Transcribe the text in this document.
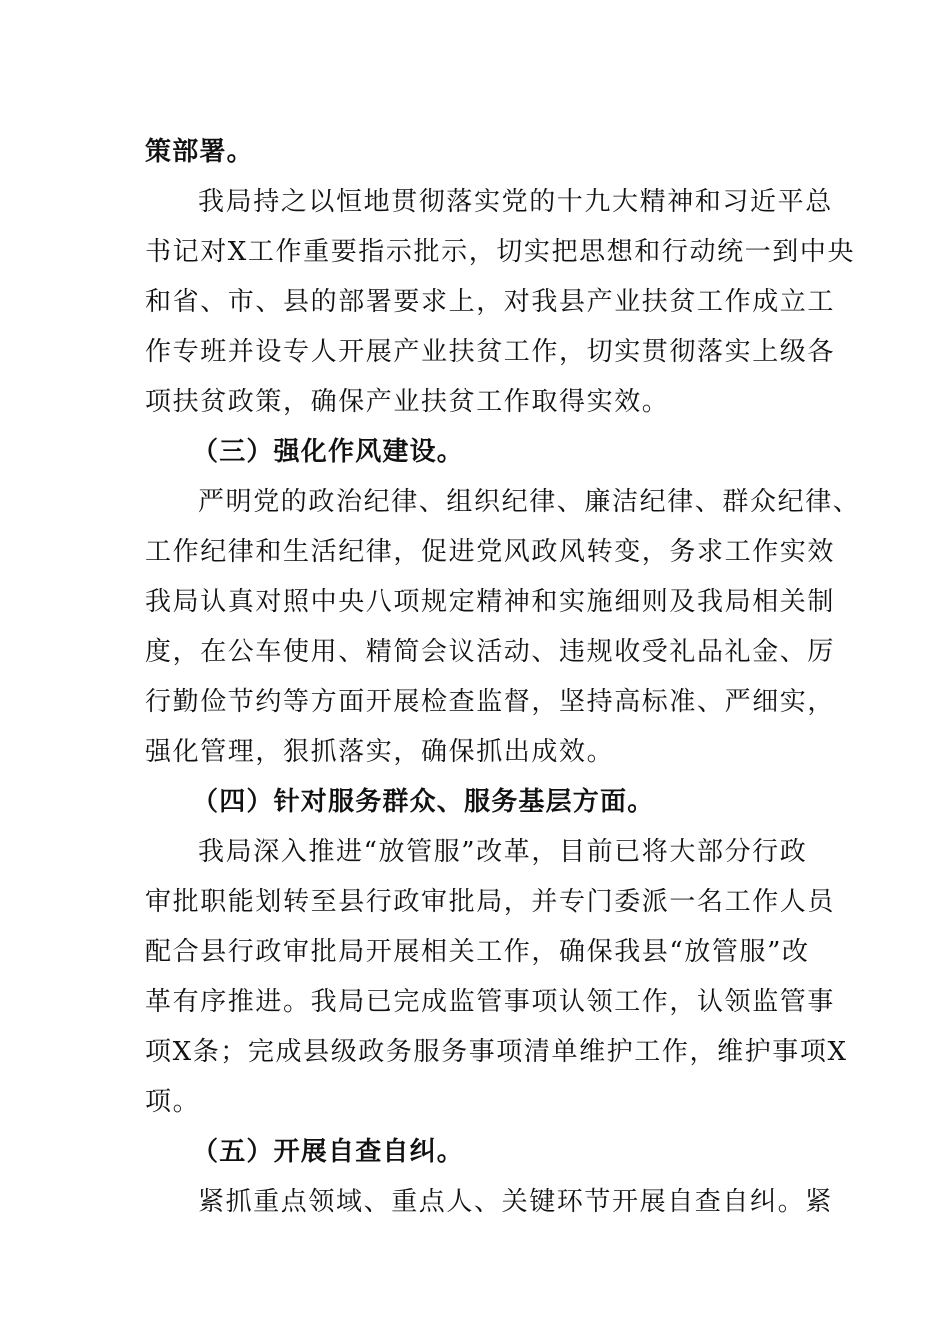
策部署。
我局持之以恒地贯彻落实党的十九大精神和习近平总
书记对X工作重要指示批示，切实把思想和行动统一到中央
和省、市、县的部署要求上，对我县产业扶贫工作成立工
作专班并设专人开展产业扶贫工作，切实贯彻落实上级各
项扶贫政策，确保产业扶贫工作取得实效。
（三）强化作风建设。
严明党的政治纪律、组织纪律、廉洁纪律、群众纪律、
工作纪律和生活纪律，促进党风政风转变，务求工作实效
我局认真对照中央八项规定精神和实施细则及我局相关制
度，在公车使用、精简会议活动、违规收受礼品礼金、厉
行勤俭节约等方面开展检查监督，坚持高标准、严细实，
强化管理，狠抓落实，确保抓出成效。
（四）针对服务群众、服务基层方面。
我局深入推进“放管服”改革，目前已将大部分行政
审批职能划转至县行政审批局，并专门委派一名工作人员
配合县行政审批局开展相关工作，确保我县“放管服”改
革有序推进。我局已完成监管事项认领工作，认领监管事
项X条；完成县级政务服务事项清单维护工作，维护事项X
项。
（五）开展自查自纠。
紧抓重点领域、重点人、关键环节开展自查自纠。紧
